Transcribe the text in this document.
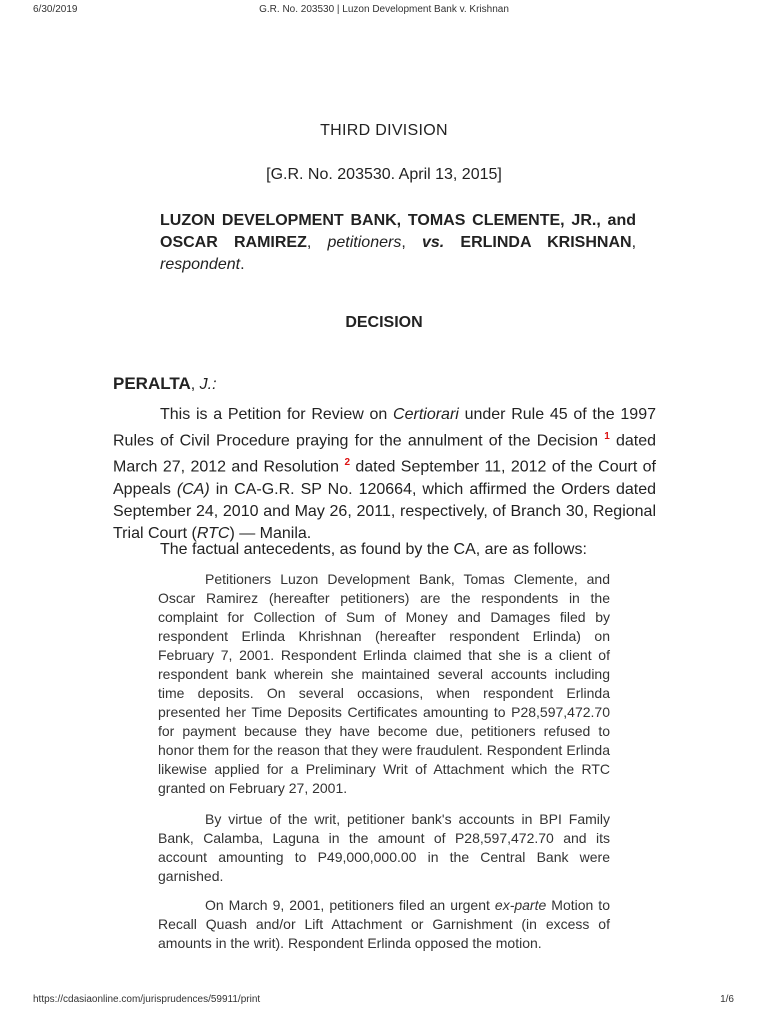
6/30/2019	G.R. No. 203530 | Luzon Development Bank v. Krishnan
THIRD DIVISION
[G.R. No. 203530. April 13, 2015]
LUZON DEVELOPMENT BANK, TOMAS CLEMENTE, JR., and OSCAR RAMIREZ, petitioners, vs. ERLINDA KRISHNAN, respondent.
DECISION
PERALTA, J.:

This is a Petition for Review on Certiorari under Rule 45 of the 1997 Rules of Civil Procedure praying for the annulment of the Decision $^1$ dated March 27, 2012 and Resolution $^2$ dated September 11, 2012 of the Court of Appeals (CA) in CA-G.R. SP No. 120664, which affirmed the Orders dated September 24, 2010 and May 26, 2011, respectively, of Branch 30, Regional Trial Court (RTC) — Manila.

The factual antecedents, as found by the CA, are as follows:

Petitioners Luzon Development Bank, Tomas Clemente, and Oscar Ramirez (hereafter petitioners) are the respondents in the complaint for Collection of Sum of Money and Damages filed by respondent Erlinda Khrishnan (hereafter respondent Erlinda) on February 7, 2001. Respondent Erlinda claimed that she is a client of respondent bank wherein she maintained several accounts including time deposits. On several occasions, when respondent Erlinda presented her Time Deposits Certificates amounting to P28,597,472.70 for payment because they have become due, petitioners refused to honor them for the reason that they were fraudulent. Respondent Erlinda likewise applied for a Preliminary Writ of Attachment which the RTC granted on February 27, 2001.

By virtue of the writ, petitioner bank's accounts in BPI Family Bank, Calamba, Laguna in the amount of P28,597,472.70 and its account amounting to P49,000,000.00 in the Central Bank were garnished.

On March 9, 2001, petitioners filed an urgent ex-parte Motion to Recall Quash and/or Lift Attachment or Garnishment (in excess of amounts in the writ). Respondent Erlinda opposed the motion.

https://cdasiaonline.com/jurisprudences/59911/print	1/6
